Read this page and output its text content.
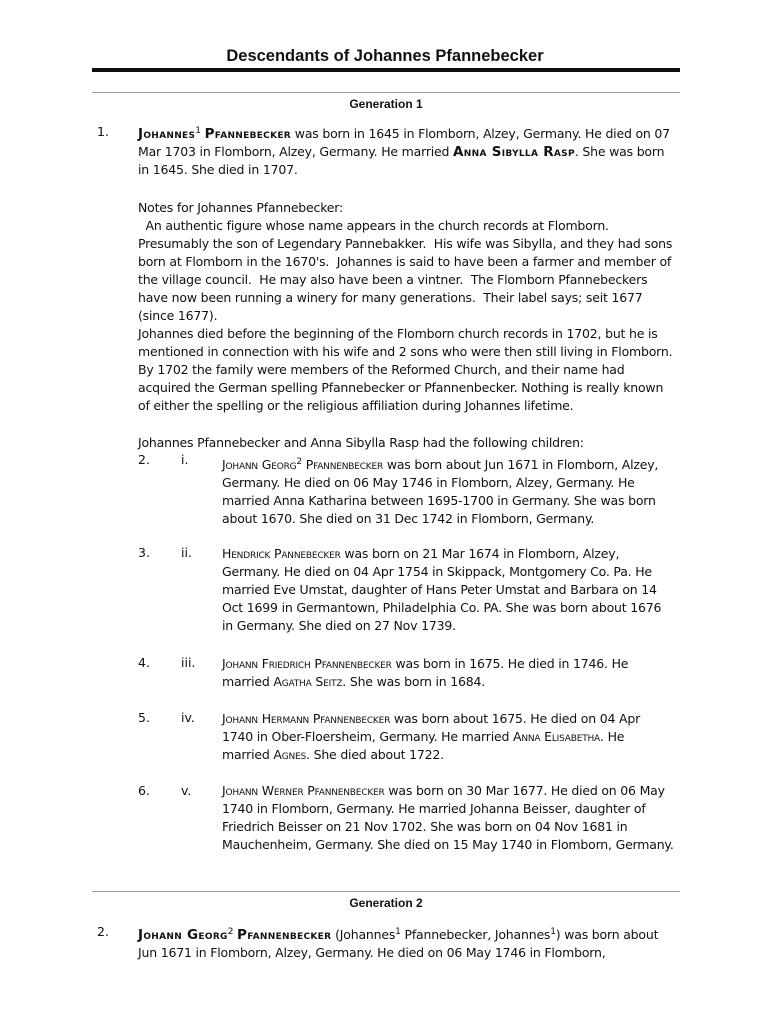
Descendants of Johannes Pfannebecker
Generation 1
1. Johannes$^1$ Pfannebecker was born in 1645 in Flomborn, Alzey, Germany. He died on 07 Mar 1703 in Flomborn, Alzey, Germany. He married Anna Sibylla Rasp. She was born in 1645. She died in 1707.

Notes for Johannes Pfannebecker:

An authentic figure whose name appears in the church records at Flomborn. Presumably the son of Legendary Pannebakker.  His wife was Sibylla, and they had sons born at Flomborn in the 1670's.  Johannes is said to have been a farmer and member of the village council.  He may also have been a vintner.  The Flomborn Pfannebeckers have now been running a winery for many generations.  Their label says; seit 1677 (since 1677).

Johannes died before the beginning of the Flomborn church records in 1702, but he is mentioned in connection with his wife and 2 sons who were then still living in Flomborn. By 1702 the family were members of the Reformed Church, and their name had acquired the German spelling Pfannebecker or Pfannenbecker. Nothing is really known of either the spelling or the religious affiliation during Johannes lifetime.

Johannes Pfannebecker and Anna Sibylla Rasp had the following children:
2. i.	Johann Georg$^2$ Pfannenbecker was born about Jun 1671 in Flomborn, Alzey, Germany. He died on 06 May 1746 in Flomborn, Alzey, Germany. He married Anna Katharina between 1695-1700 in Germany. She was born about 1670. She died on 31 Dec 1742 in Flomborn, Germany.
3. ii. Hendrick Pannebecker was born on 21 Mar 1674 in Flomborn, Alzey, Germany. He died on 04 Apr 1754 in Skippack, Montgomery Co. Pa. He married Eve Umstat, daughter of Hans Peter Umstat and Barbara on 14 Oct 1699 in Germantown, Philadelphia Co. PA. She was born about 1676 in Germany. She died on 27 Nov 1739.
4. iii. Johann Friedrich Pfannenbecker was born in 1675. He died in 1746. He married Agatha Seitz. She was born in 1684.
5. iv. Johann Hermann Pfannenbecker was born about 1675. He died on 04 Apr 1740 in Ober-Floersheim, Germany. He married Anna Elisabetha. He married Agnes. She died about 1722.
6. v. Johann Werner Pfannenbecker was born on 30 Mar 1677. He died on 06 May 1740 in Flomborn, Germany. He married Johanna Beisser, daughter of Friedrich Beisser on 21 Nov 1702. She was born on 04 Nov 1681 in Mauchenheim, Germany. She died on 15 May 1740 in Flomborn, Germany.
Generation 2
2. Johann Georg$^2$ Pfannenbecker (Johannes$^1$ Pfannebecker, Johannes$^1$) was born about Jun 1671 in Flomborn, Alzey, Germany. He died on 06 May 1746 in Flomborn,
